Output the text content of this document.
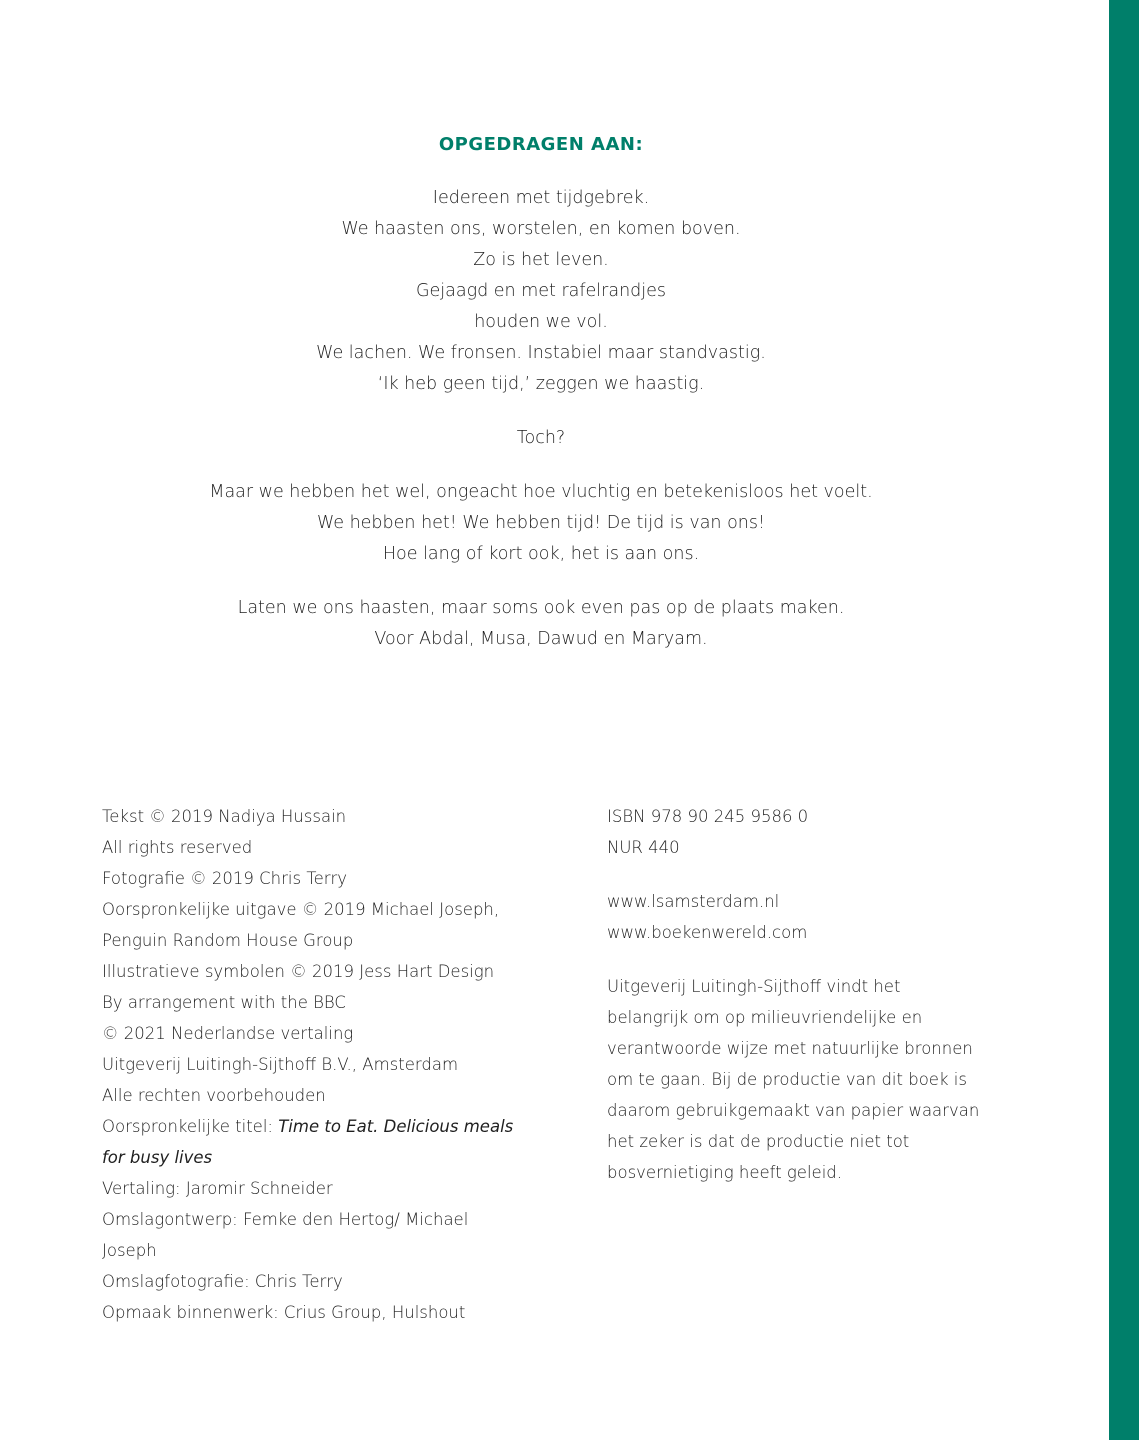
OPGEDRAGEN AAN:
Iedereen met tijdgebrek.
We haasten ons, worstelen, en komen boven.
Zo is het leven.
Gejaagd en met rafelrandjes
houden we vol.
We lachen. We fronsen. Instabiel maar standvastig.
‘Ik heb geen tijd,’ zeggen we haastig.
Toch?
Maar we hebben het wel, ongeacht hoe vluchtig en betekenisloos het voelt.
We hebben het! We hebben tijd! De tijd is van ons!
Hoe lang of kort ook, het is aan ons.
Laten we ons haasten, maar soms ook even pas op de plaats maken.
Voor Abdal, Musa, Dawud en Maryam.
Tekst © 2019 Nadiya Hussain
All rights reserved
Fotografie © 2019 Chris Terry
Oorspronkelijke uitgave © 2019 Michael Joseph,
Penguin Random House Group
Illustratieve symbolen © 2019 Jess Hart Design
By arrangement with the BBC
© 2021 Nederlandse vertaling
Uitgeverij Luitingh-Sijthoff B.V., Amsterdam
Alle rechten voorbehouden
Oorspronkelijke titel: Time to Eat. Delicious meals
for busy lives
Vertaling: Jaromir Schneider
Omslagontwerp: Femke den Hertog/ Michael
Joseph
Omslagfotografie: Chris Terry
Opmaak binnenwerk: Crius Group, Hulshout
ISBN 978 90 245 9586 0
NUR 440
www.lsamsterdam.nl
www.boekenwereld.com
Uitgeverij Luitingh-Sijthoff vindt het
belangrijk om op milieuvriendelijke en
verantwoorde wijze met natuurlijke bronnen
om te gaan. Bij de productie van dit boek is
daarom gebruikgemaakt van papier waarvan
het zeker is dat de productie niet tot
bosvernietiging heeft geleid.
